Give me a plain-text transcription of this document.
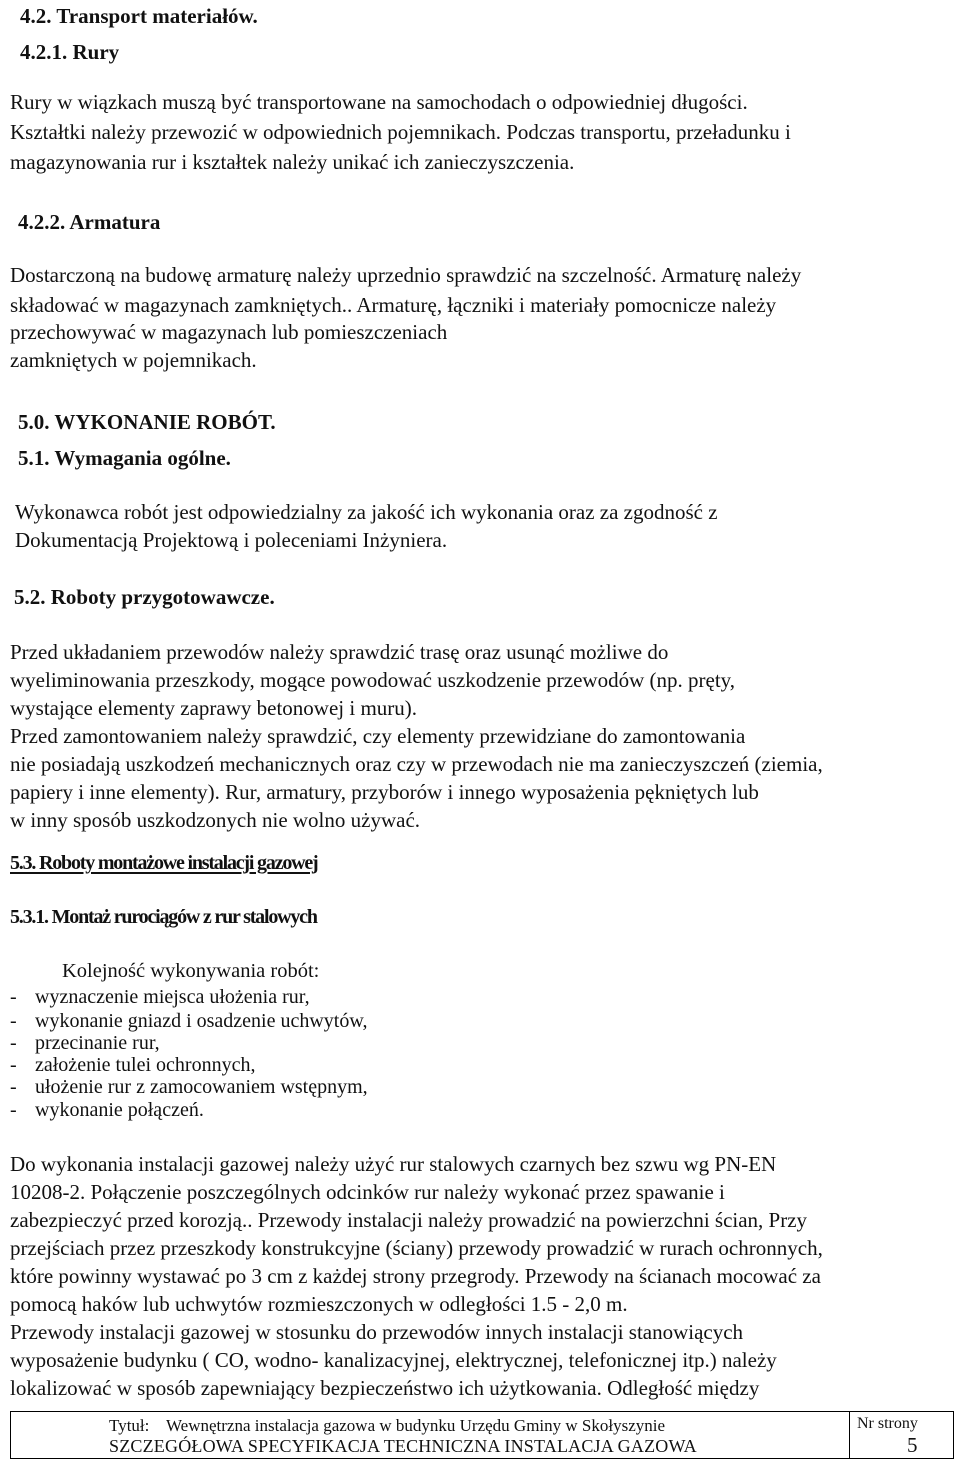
4.2. Transport materiałów.
4.2.1. Rury
Rury w wiązkach muszą być transportowane na samochodach o odpowiedniej długości.
Kształtki należy przewozić w odpowiednich pojemnikach. Podczas transportu, przeładunku i
magazynowania rur i kształtek należy unikać ich zanieczyszczenia.
4.2.2. Armatura
Dostarczoną na budowę armaturę należy uprzednio sprawdzić na szczelność. Armaturę należy
składować w magazynach zamkniętych.. Armaturę, łączniki i materiały pomocnicze należy
przechowywać w magazynach lub pomieszczeniach
zamkniętych w pojemnikach.
5.0. WYKONANIE ROBÓT.
5.1. Wymagania ogólne.
Wykonawca robót jest odpowiedzialny za jakość ich wykonania oraz za zgodność z
Dokumentacją Projektową i poleceniami Inżyniera.
5.2. Roboty przygotowawcze.
Przed układaniem przewodów należy sprawdzić trasę oraz usunąć możliwe do
wyeliminowania przeszkody, mogące powodować uszkodzenie przewodów (np. pręty,
wystające elementy zaprawy betonowej i muru).
Przed zamontowaniem należy sprawdzić, czy elementy przewidziane do zamontowania
nie posiadają uszkodzeń mechanicznych oraz czy w przewodach nie ma zanieczyszczeń (ziemia,
papiery i inne elementy). Rur, armatury, przyborów i innego wyposażenia pękniętych lub
w inny sposób uszkodzonych nie wolno używać.
5.3. Roboty montażowe instalacji gazowej
5.3.1. Montaż rurociągów z rur stalowych
Kolejność wykonywania robót:
- wyznaczenie miejsca ułożenia rur,
- wykonanie gniazd i osadzenie uchwytów,
- przecinanie rur,
- założenie tulei ochronnych,
- ułożenie rur z zamocowaniem wstępnym,
- wykonanie połączeń.
Do wykonania instalacji gazowej należy użyć rur stalowych czarnych bez szwu wg PN-EN
10208-2. Połączenie poszczególnych odcinków rur należy wykonać przez spawanie i
zabezpieczyć przed korozją.. Przewody instalacji należy prowadzić na powierzchni ścian, Przy
przejściach przez przeszkody konstrukcyjne (ściany) przewody prowadzić w rurach ochronnych,
które powinny wystawać po 3 cm z każdej strony przegrody. Przewody na ścianach mocować za
pomocą haków lub uchwytów rozmieszczonych w odległości 1.5 - 2,0 m.
Przewody instalacji gazowej w stosunku do przewodów innych instalacji stanowiących
wyposażenie budynku ( CO, wodno- kanalizacyjnej, elektrycznej, telefonicznej itp.) należy
lokalizować w sposób zapewniający bezpieczeństwo ich użytkowania. Odległość między
Tytuł: Wewnętrzna instalacja gazowa w budynku Urzędu Gminy w Skołyszynie
SZCZEGÓŁOWA SPECYFIKACJA TECHNICZNA INSTALACJA GAZOWA
Nr strony
5
